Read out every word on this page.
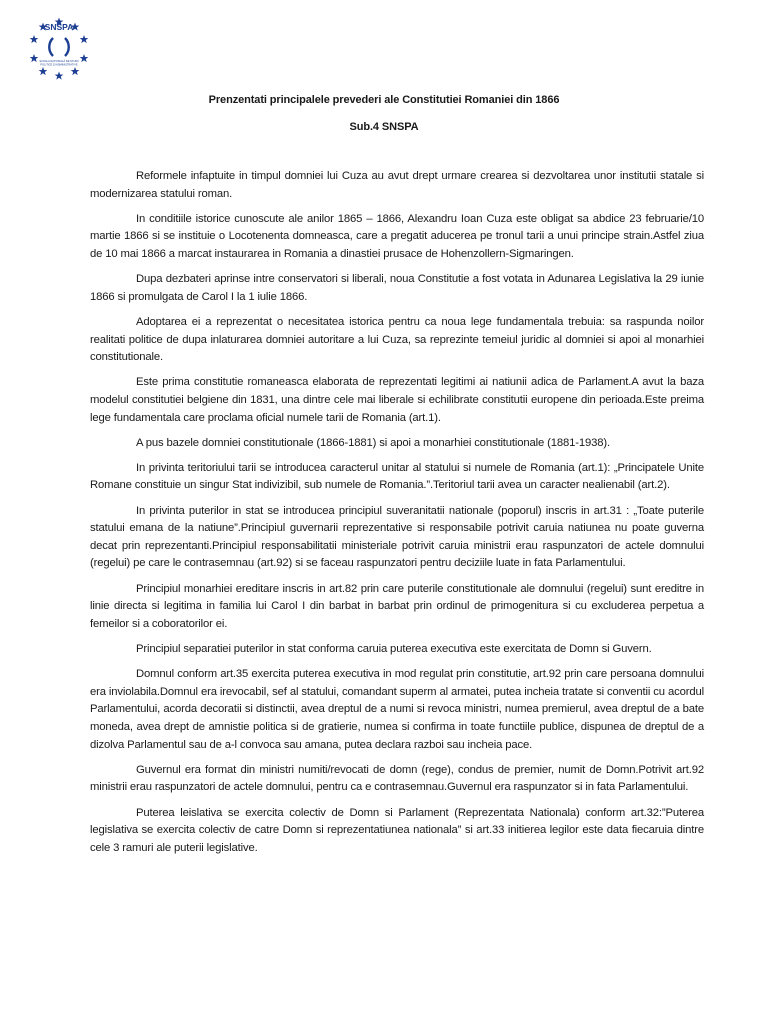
SNSPA
ȘCOALA NAȚIONALĂ DE STUDII
POLITICE ȘI ADMINISTRATIVE
Prenzentati principalele prevederi ale Constitutiei Romaniei din 1866
Sub.4 SNSPA

Reformele infaptuite in timpul domniei lui Cuza au avut drept urmare crearea si dezvoltarea unor institutii statale si modernizarea statului roman.

In conditiile istorice cunoscute ale anilor 1865 – 1866, Alexandru Ioan Cuza este obligat sa abdice 23 februarie/10 martie 1866 si se instituie o Locotenenta domneasca, care a pregatit aducerea pe tronul tarii a unui principe strain.Astfel ziua de 10 mai 1866 a marcat instaurarea in Romania a dinastiei prusace de Hohenzollern-Sigmaringen.

Dupa dezbateri aprinse intre conservatori si liberali, noua Constitutie a fost votata in Adunarea Legislativa la 29 iunie 1866 si promulgata de Carol I la 1 iulie 1866.

Adoptarea ei a reprezentat o necesitatea istorica pentru ca noua lege fundamentala trebuia: sa raspunda noilor realitati politice de dupa inlaturarea domniei autoritare a lui Cuza, sa reprezinte temeiul juridic al domniei si apoi al monarhiei constitutionale.

Este prima constitutie romaneasca elaborata de reprezentati legitimi ai natiunii adica de Parlament.A avut la baza modelul constitutiei belgiene din 1831, una dintre cele mai liberale si echilibrate constitutii europene din perioada.Este preima lege fundamentala care proclama oficial numele tarii de Romania (art.1).

A pus bazele domniei constitutionale (1866-1881) si apoi a monarhiei constitutionale (1881-1938).

In privinta teritoriului tarii se introducea caracterul unitar al statului si numele de Romania (art.1): „Principatele Unite Romane constituie un singur Stat indivizibil, sub numele de Romania.”.Teritoriul tarii avea un caracter nealienabil (art.2).

In privinta puterilor in stat se introducea principiul suveranitatii nationale (poporul) inscris in art.31 : „Toate puterile statului emana de la natiune”.Principiul guvernarii reprezentative si responsabile potrivit caruia natiunea nu poate guverna decat prin reprezentanti.Principiul responsabilitatii ministeriale potrivit caruia ministrii erau raspunzatori de actele domnului (regelui) pe care le contrasemnau (art.92) si se faceau raspunzatori pentru deciziile luate in fata Parlamentului.

Principiul monarhiei ereditare inscris in art.82 prin care puterile constitutionale ale domnului (regelui) sunt ereditre in linie directa si legitima in familia lui Carol I din barbat in barbat prin ordinul de primogenitura si cu excluderea perpetua a femeilor si a coboratorilor ei.

Principiul separatiei puterilor in stat conforma caruia puterea executiva este exercitata de Domn si Guvern.

Domnul conform art.35 exercita puterea executiva in mod regulat prin constitutie, art.92 prin care persoana domnului era inviolabila.Domnul era irevocabil, sef al statului, comandant superm al armatei, putea incheia tratate si conventii cu acordul Parlamentului, acorda decoratii si distinctii, avea dreptul de a numi si revoca ministri, numea premierul, avea dreptul de a bate moneda, avea drept de amnistie politica si de gratierie, numea si confirma in toate functiile publice, dispunea de dreptul de a dizolva Parlamentul sau de a-l convoca sau amana, putea declara razboi sau incheia pace.

Guvernul era format din ministri numiti/revocati de domn (rege), condus de premier, numit de Domn.Potrivit art.92 ministrii erau raspunzatori de actele domnului, pentru ca e contrasemnau.Guvernul era raspunzator si in fata Parlamentului.

Puterea leislativa se exercita colectiv de Domn si Parlament (Reprezentata Nationala) conform art.32:”Puterea legislativa se exercita colectiv de catre Domn si reprezentatiunea nationala” si art.33 initierea legilor este data fiecaruia dintre cele 3 ramuri ale puterii legislative.
